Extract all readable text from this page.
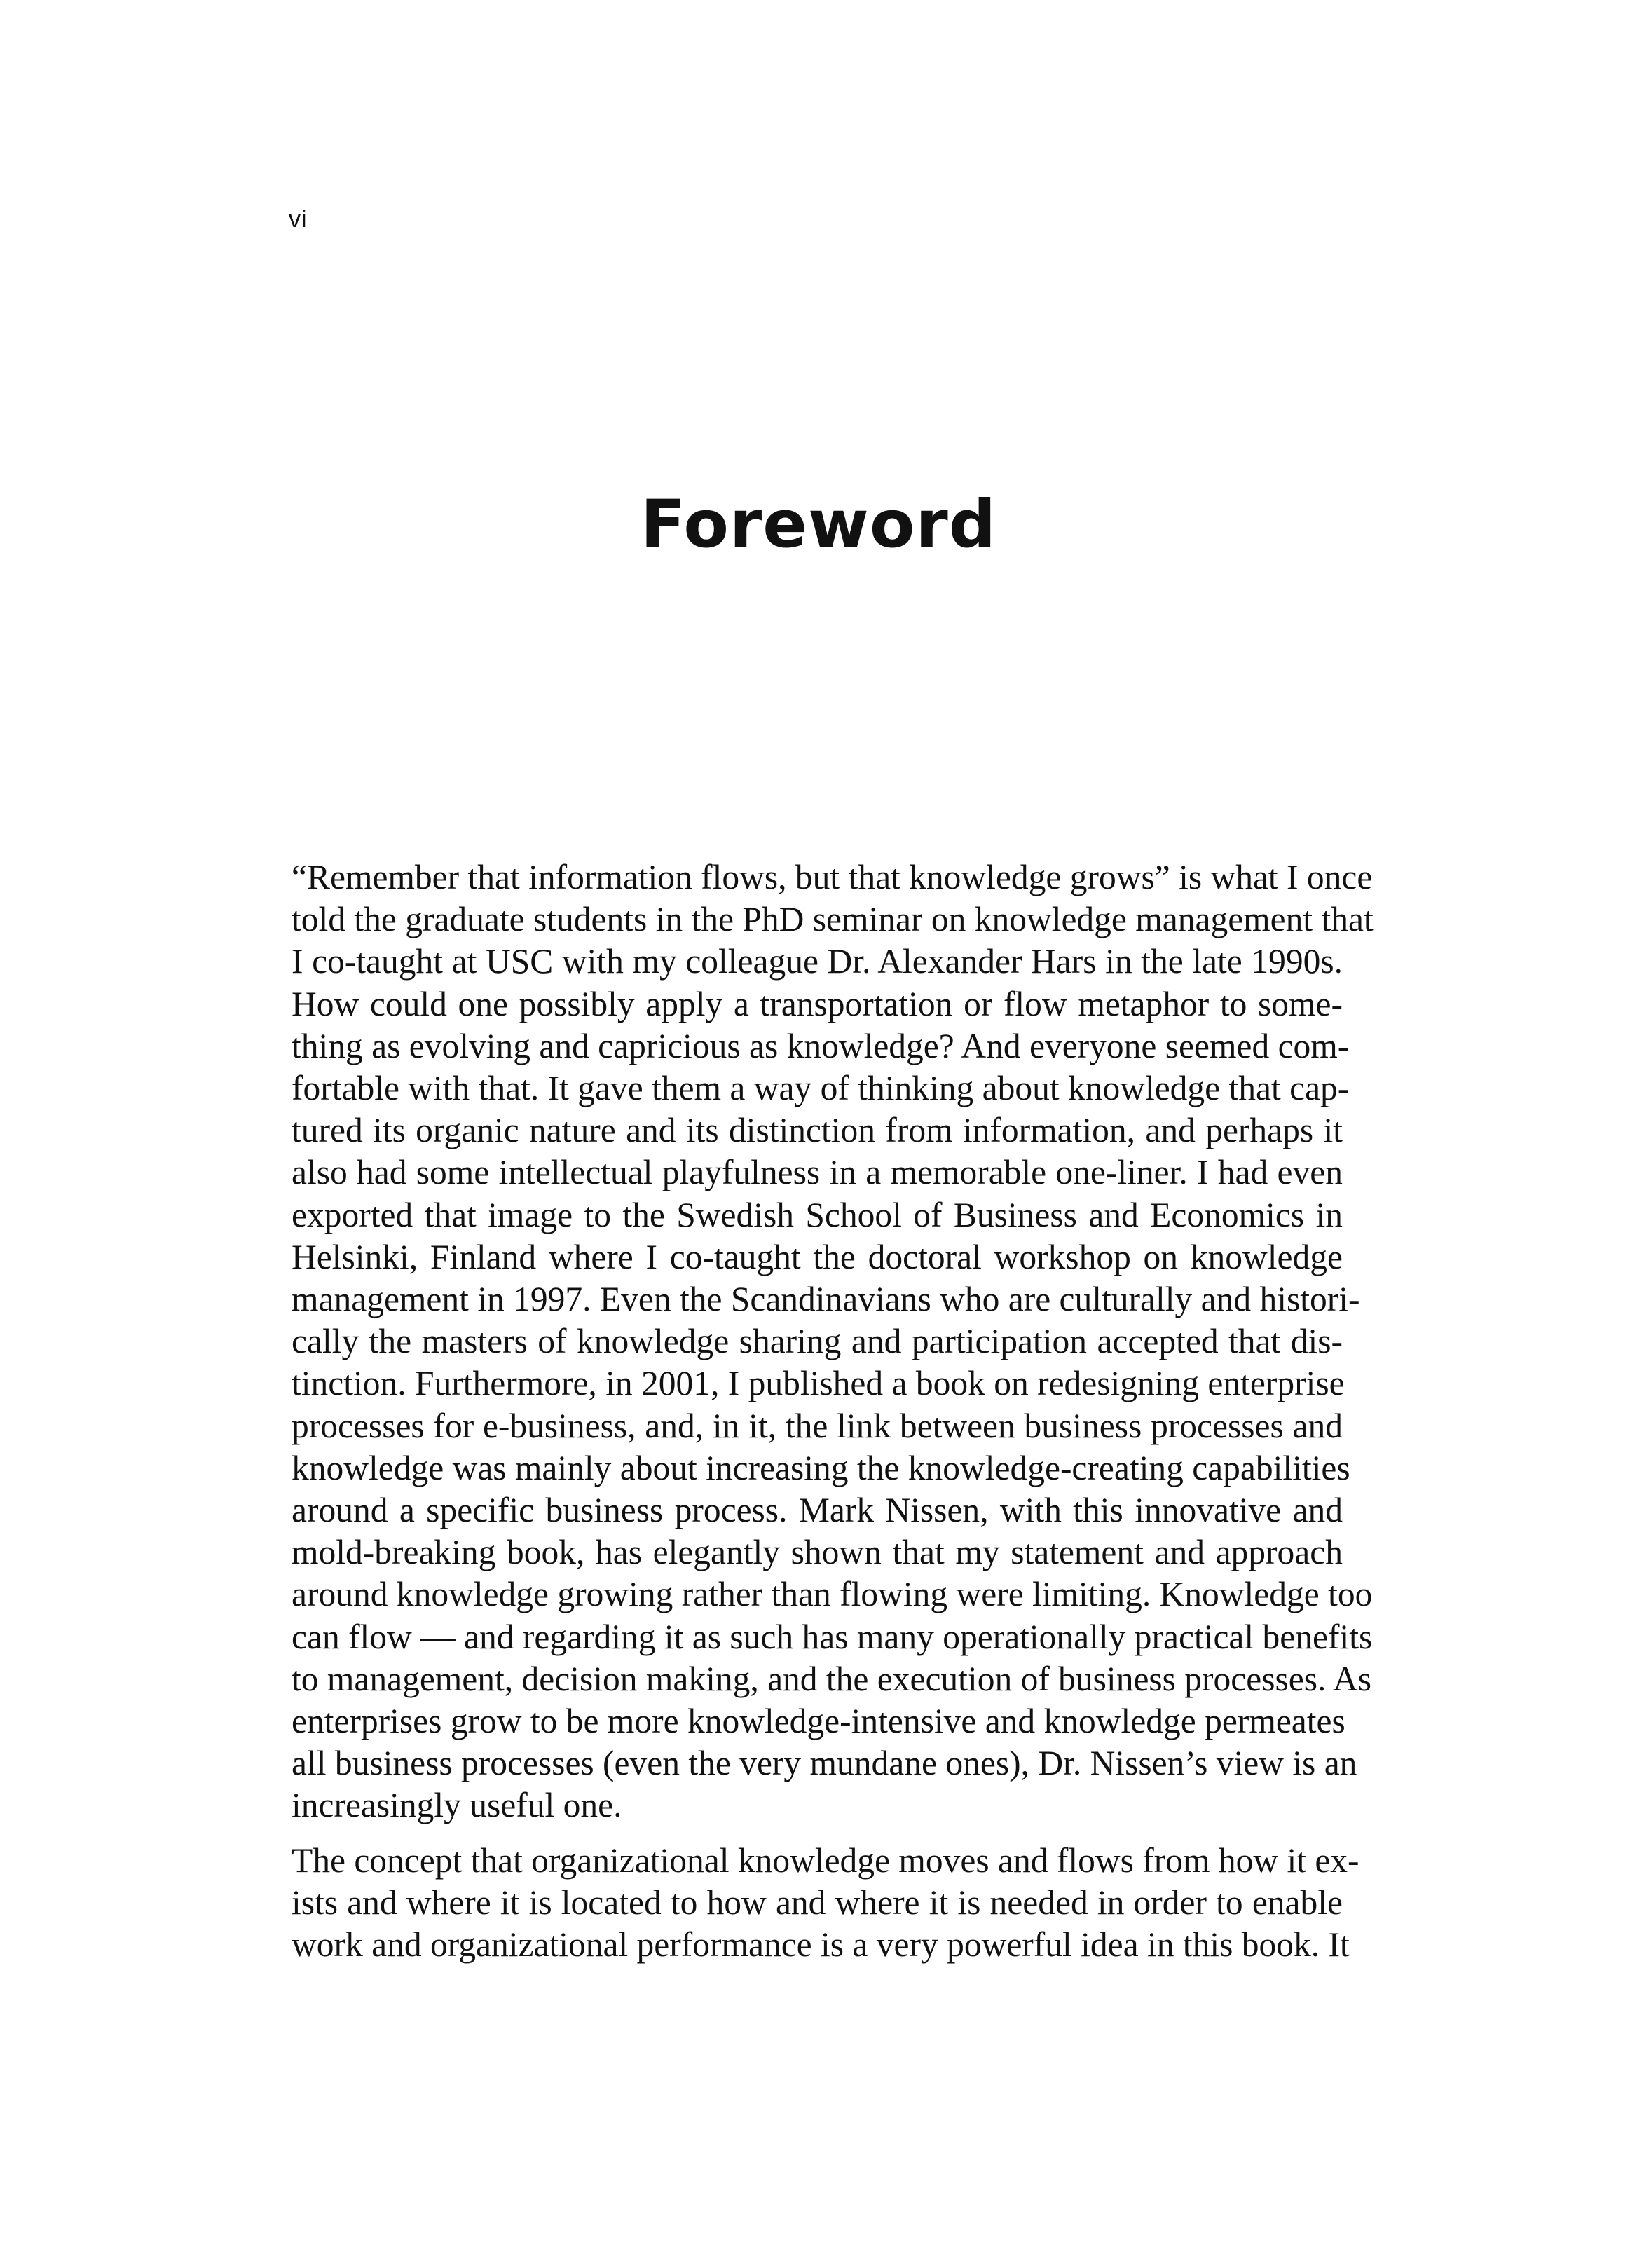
vi
Foreword

“Remember that information flows, but that knowledge grows” is what I once
told the graduate students in the PhD seminar on knowledge management that
I co-taught at USC with my colleague Dr. Alexander Hars in the late 1990s.
How could one possibly apply a transportation or flow metaphor to some-
thing as evolving and capricious as knowledge? And everyone seemed com-
fortable with that. It gave them a way of thinking about knowledge that cap-
tured its organic nature and its distinction from information, and perhaps it
also had some intellectual playfulness in a memorable one-liner. I had even
exported that image to the Swedish School of Business and Economics in
Helsinki, Finland where I co-taught the doctoral workshop on knowledge
management in 1997. Even the Scandinavians who are culturally and histori-
cally the masters of knowledge sharing and participation accepted that dis-
tinction. Furthermore, in 2001, I published a book on redesigning enterprise
processes for e-business, and, in it, the link between business processes and
knowledge was mainly about increasing the knowledge-creating capabilities
around a specific business process. Mark Nissen, with this innovative and
mold-breaking book, has elegantly shown that my statement and approach
around knowledge growing rather than flowing were limiting. Knowledge too
can flow — and regarding it as such has many operationally practical benefits
to management, decision making, and the execution of business processes. As
enterprises grow to be more knowledge-intensive and knowledge permeates
all business processes (even the very mundane ones), Dr. Nissen’s view is an
increasingly useful one.

The concept that organizational knowledge moves and flows from how it ex-
ists and where it is located to how and where it is needed in order to enable
work and organizational performance is a very powerful idea in this book. It
